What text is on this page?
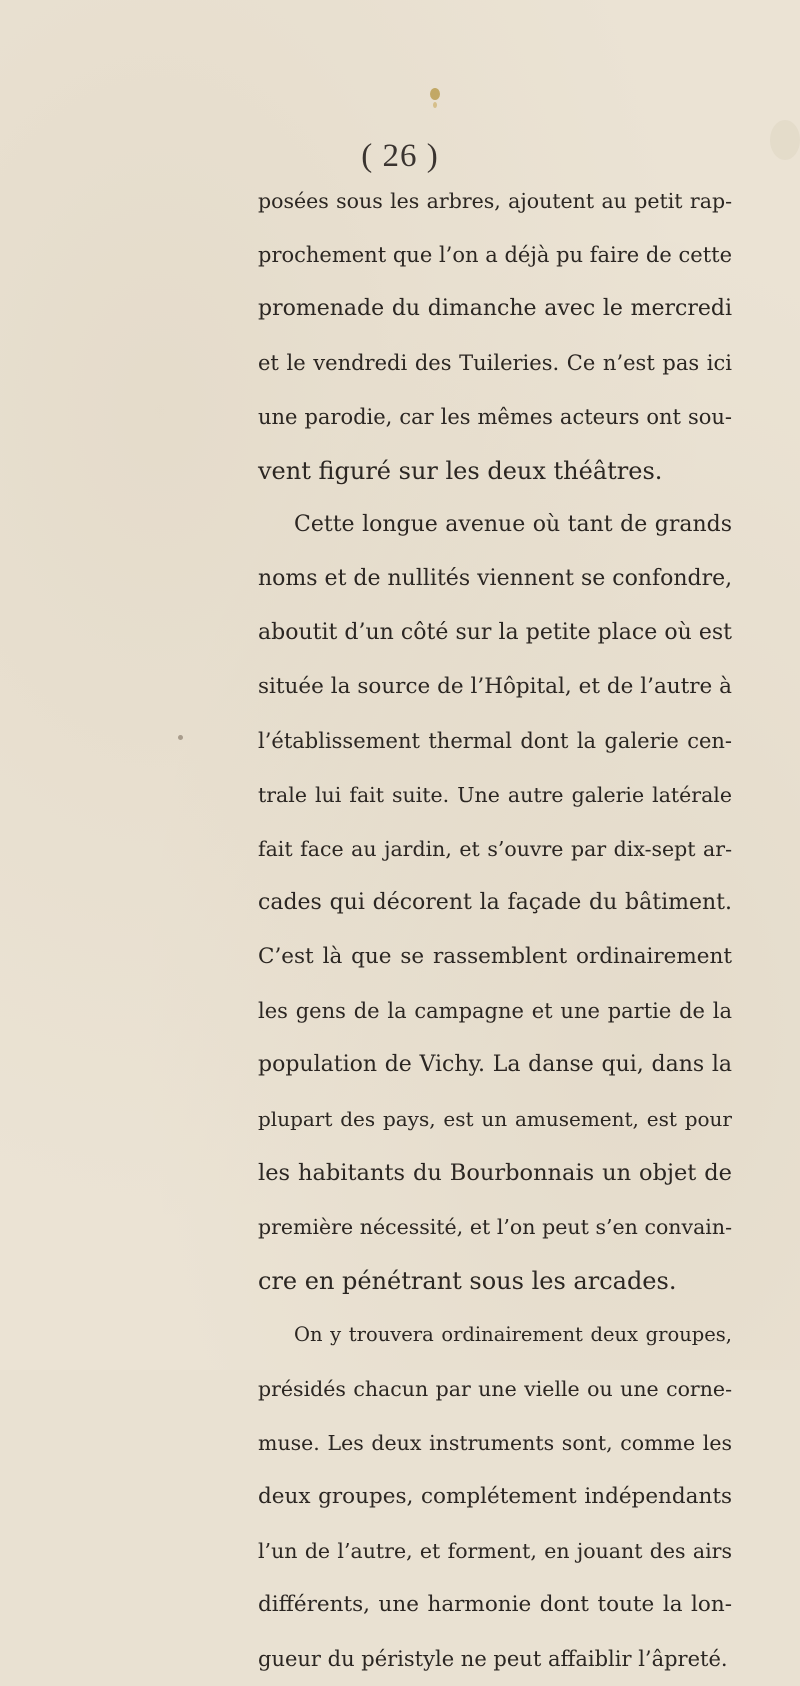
( 26 )
posées sous les arbres, ajoutent au petit rap-
prochement que l’on a déjà pu faire de cette
promenade du dimanche avec le mercredi
et le vendredi des Tuileries. Ce n’est pas ici
une parodie, car les mêmes acteurs ont sou-
vent figuré sur les deux théâtres.
Cette longue avenue où tant de grands
noms et de nullités viennent se confondre,
aboutit d’un côté sur la petite place où est
située la source de l’Hôpital, et de l’autre à
l’établissement thermal dont la galerie cen-
trale lui fait suite. Une autre galerie latérale
fait face au jardin, et s’ouvre par dix-sept ar-
cades qui décorent la façade du bâtiment.
C’est là que se rassemblent ordinairement
les gens de la campagne et une partie de la
population de Vichy. La danse qui, dans la
plupart des pays, est un amusement, est pour
les habitants du Bourbonnais un objet de
première nécessité, et l’on peut s’en convain-
cre en pénétrant sous les arcades.
On y trouvera ordinairement deux groupes,
présidés chacun par une vielle ou une corne-
muse. Les deux instruments sont, comme les
deux groupes, complétement indépendants
l’un de l’autre, et forment, en jouant des airs
différents, une harmonie dont toute la lon-
gueur du péristyle ne peut affaiblir l’âpreté.
